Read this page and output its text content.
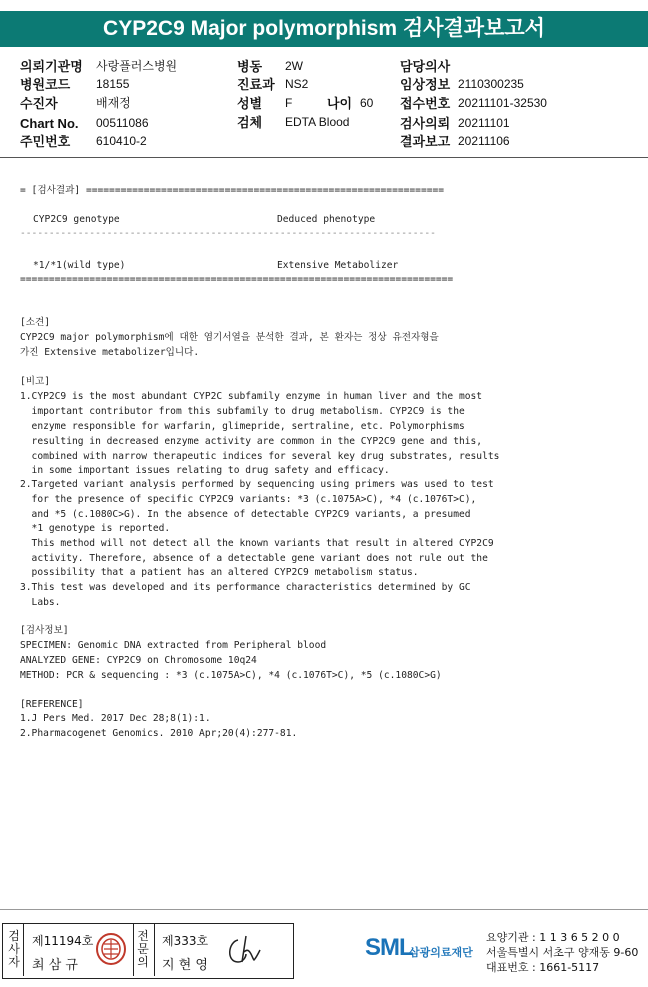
CYP2C9 Major polymorphism 검사결과보고서
의뢰기관명 사랑플러스병원
병원코드 18155
수진자	배재정
Chart No. 00511086
주민번호 610410-2
병동 2W
진료과 NS2
성별 F	나이 60
검체 EDTA Blood
담당의사
임상정보 2110300235
접수번호 20211101-32530
검사의뢰 20211101
결과보고 20211106
= [검사결과] ==============================================================
CYP2C9 genotype	Deduced phenotype
------------------------------------------------------------------------
*1/*1(wild type)	Extensive Metabolizer
===========================================================================
[소견]
CYP2C9 major polymorphism에 대한 염기서열을 분석한 결과, 본 환자는 정상 유전자형을
가진 Extensive metabolizer입니다.
[비고]
1.CYP2C9 is the most abundant CYP2C subfamily enzyme in human liver and the most
important contributor from this subfamily to drug metabolism. CYP2C9 is the
enzyme responsible for warfarin, glimepride, sertraline, etc. Polymorphisms
resulting in decreased enzyme activity are common in the CYP2C9 gene and this,
combined with narrow therapeutic indices for several key drug substrates, results
in some important issues relating to drug safety and efficacy.
2.Targeted variant analysis performed by sequencing using primers was used to test
for the presence of specific CYP2C9 variants: *3 (c.1075A>C), *4 (c.1076T>C),
and *5 (c.1080C>G). In the absence of detectable CYP2C9 variants, a presumed
*1 genotype is reported.
This method will not detect all the known variants that result in altered CYP2C9
activity. Therefore, absence of a detectable gene variant does not rule out the
possibility that a patient has an altered CYP2C9 metabolism status.
3.This test was developed and its performance characteristics determined by GC
Labs.
[검사정보]
SPECIMEN: Genomic DNA extracted from Peripheral blood
ANALYZED GENE: CYP2C9 on Chromosome 10q24
METHOD: PCR & sequencing : *3 (c.1075A>C), *4 (c.1076T>C), *5 (c.1080C>G)
[REFERENCE]
1.J Pers Med. 2017 Dec 28;8(1):1.
2.Pharmacogenet Genomics. 2010 Apr;20(4):277-81.
검사자
제11194호
최 삼 규
전문의
제333호
지 현 영
SML
삼광의료재단
요양기관 : 1 1 3 6 5 2 0 0
서울특별시 서초구 양재동 9-60
대표번호 : 1661-5117
